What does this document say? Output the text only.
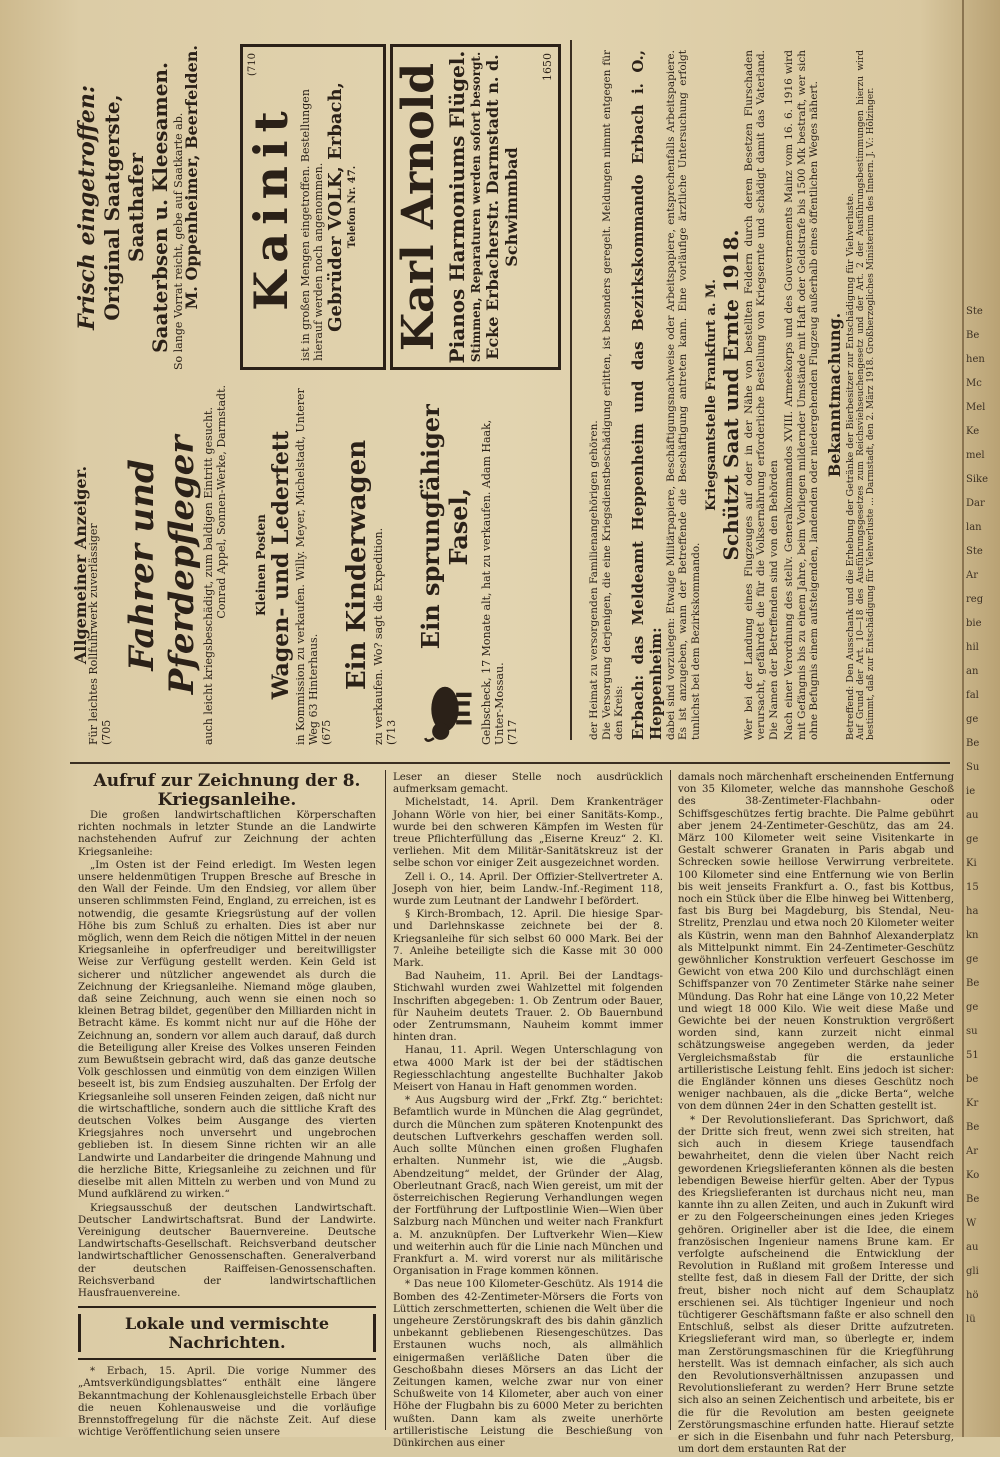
der Heimat zu versorgenden Familienangehörigen gehören. Die Versorgung derjenigen, die eine Kriegsdienstbeschädigung erlitten, ist besonders geregelt. Meldungen nimmt entgegen für den Kreis: Erbach: das Meldeamt Heppenheim und das Bezirkskommando Erbach i. O., Heppenheim: dabei sind vorzulegen: Etwaige Militärpapiere, Beschäftigungsnachweise oder Arbeitspapiere, entsprechenfalls Arbeitspapiere. Es ist anzugeben, wann der Betreffende die Beschäftigung antreten kann. Eine vorläufige ärztliche Untersuchung erfolgt tunlichst bei dem Bezirkskommando.
Kriegsamtstelle Frankfurt a. M. Schützt Saat und Ernte 1918. Wer bei der Landung eines Flugzeuges auf oder in der Nähe von bestellten Feldern durch deren Besetzen Flurschaden verursacht, gefährdet die für die Volksernährung erforderliche Bestellung von Kriegsernte und schädigt damit das Vaterland. Die Namen der Betreffenden sind von den Behörden Nach einer Verordnung des stellv. Generalkommandos XVIII. Armeekorps und des Gouvernements Mainz vom 16. 6. 1916 wird mit Gefängnis bis zu einem Jahre, beim Vorliegen mildernder Umstände mit Haft oder Geldstrafe bis 1500 Mk bestraft, wer sich ohne Befugnis einem aufsteigenden, landenden oder niedergehenden Flugzeug außerhalb eines öffentlichen Weges nähert. Bekanntmachung. Betreffend: Den Ausschank und die Erhebung der Getränke der Bierbesitzer zur Entschädigung für Viehverluste. Auf Grund der Art. 10—18 des Ausführungsgesetzes zum Reichsviehseuchengesetz und der Art. 2 der Ausführungsbestimmungen hierzu wird bestimmt, daß zur Entschädigung für Viehverluste ... Darmstadt, den 2. März 1918. Großherzogliches Ministerium des Innern. J. V.: Hölzinger.
Allgemeiner Anzeiger.
Für leichtes Rollfuhrwerk zuverlässiger (705
Fahrer und Pferdepfleger auch leicht kriegsbeschädigt, zum baldigen Eintritt gesucht. Conrad Appel, Sonnen-Werke, Darmstadt. Kleinen Posten Wagen- und Lederfett in Kommission zu verkaufen. Willy. Meyer, Michelstadt, Unterer Weg 63 Hinterhaus. (675
Ein Kinderwagen zu verkaufen. Wo? sagt die Expedition. (713
Ein sprungfähiger Fasel, Gelbscheck, 17 Monate alt, hat zu verkaufen. Adam Haak, Unter-Mossau. (717
Frisch eingetroffen: Original Saatgerste, Saathafer Saaterbsen u. Kleesamen. So lange Vorrat reicht, gebe auf Saatkarte ab.
M. Oppenheimer, Beerfelden. Kainit ist in großen Mengen eingetroffen. Bestellungen hierauf werden noch angenommen. Gebrüder VOLK, Erbach, Telefon Nr. 47.
(710	Karl Arnold Pianos
Harmoniums
Flügel. Stimmen, Reparaturen werden sofort besorgt. Ecke Erbacherstr. Darmstadt n. d. Schwimmbad
1650
Aufruf zur Zeichnung der 8. Kriegsanleihe.

Die großen landwirtschaftlichen Körperschaften richten nochmals in letzter Stunde an die Landwirte nachstehenden Aufruf zur Zeichnung der achten Kriegsanleihe:

„Im Osten ist der Feind erledigt. Im Westen legen unsere heldenmütigen Truppen Bresche auf Bresche in den Wall der Feinde. Um den Endsieg, vor allem über unseren schlimmsten Feind, England, zu erreichen, ist es notwendig, die gesamte Kriegsrüstung auf der vollen Höhe bis zum Schluß zu erhalten. Dies ist aber nur möglich, wenn dem Reich die nötigen Mittel in der neuen Kriegsanleihe in opferfreudiger und bereitwilligster Weise zur Verfügung gestellt werden. Kein Geld ist sicherer und nützlicher angewendet als durch die Zeichnung der Kriegsanleihe. Niemand möge glauben, daß seine Zeichnung, auch wenn sie einen noch so kleinen Betrag bildet, gegenüber den Milliarden nicht in Betracht käme. Es kommt nicht nur auf die Höhe der Zeichnung an, sondern vor allem auch darauf, daß durch die Beteiligung aller Kreise des Volkes unseren Feinden zum Bewußtsein gebracht wird, daß das ganze deutsche Volk geschlossen und einmütig von dem einzigen Willen beseelt ist, bis zum Endsieg auszuhalten. Der Erfolg der Kriegsanleihe soll unseren Feinden zeigen, daß nicht nur die wirtschaftliche, sondern auch die sittliche Kraft des deutschen Volkes beim Ausgange des vierten Kriegsjahres noch unversehrt und ungebrochen geblieben ist. In diesem Sinne richten wir an alle Landwirte und Landarbeiter die dringende Mahnung und die herzliche Bitte, Kriegsanleihe zu zeichnen und für dieselbe mit allen Mitteln zu werben und von Mund zu Mund aufklärend zu wirken.“

Kriegsausschuß der deutschen Landwirtschaft. Deutscher Landwirtschaftsrat. Bund der Landwirte. Vereinigung deutscher Bauernvereine. Deutsche Landwirtschafts-Gesellschaft. Reichsverband deutscher landwirtschaftlicher Genossenschaften. Generalverband der deutschen Raiffeisen-Genossenschaften. Reichsverband der landwirtschaftlichen Hausfrauenvereine.

Lokale und vermischte Nachrichten.

* Erbach, 15. April. Die vorige Nummer des „Amtsverkündigungsblattes“ enthält eine längere Bekanntmachung der Kohlenausgleichstelle Erbach über die neuen Kohlenausweise und die vorläufige Brennstoffregelung für die nächste Zeit. Auf diese wichtige Veröffentlichung seien unsere

Leser an dieser Stelle noch ausdrücklich aufmerksam gemacht.

Michelstadt, 14. April. Dem Krankenträger Johann Wörle von hier, bei einer Sanitäts-Komp., wurde bei den schweren Kämpfen im Westen für treue Pflichterfüllung das „Eiserne Kreuz“ 2. Kl. verliehen. Mit dem Militär-Sanitätskreuz ist der selbe schon vor einiger Zeit ausgezeichnet worden.

Zell i. O., 14. April. Der Offizier-Stellvertreter A. Joseph von hier, beim Landw.-Inf.-Regiment 118, wurde zum Leutnant der Landwehr I befördert.

§ Kirch-Brombach, 12. April. Die hiesige Spar- und Darlehnskasse zeichnete bei der 8. Kriegsanleihe für sich selbst 60 000 Mark. Bei der 7. Anleihe beteiligte sich die Kasse mit 30 000 Mark.

Bad Nauheim, 11. April. Bei der Landtags-Stichwahl wurden zwei Wahlzettel mit folgenden Inschriften abgegeben: 1. Ob Zentrum oder Bauer, für Nauheim deutets Trauer. 2. Ob Bauernbund oder Zentrumsmann, Nauheim kommt immer hinten dran.

Hanau, 11. April. Wegen Unterschlagung von etwa 4000 Mark ist der bei der städtischen Regiesschlachtung angestellte Buchhalter Jakob Meisert von Hanau in Haft genommen worden.

* Aus Augsburg wird der „Frkf. Ztg.“ berichtet: Befamtlich wurde in München die Alag gegründet, durch die München zum späteren Knotenpunkt des deutschen Luftverkehrs geschaffen werden soll. Auch sollte München einen großen Flughafen erhalten. Nunmehr ist, wie die „Augsb. Abendzeitung“ meldet, der Gründer der Alag, Oberleutnant Gracß, nach Wien gereist, um mit der österreichischen Regierung Verhandlungen wegen der Fortführung der Luftpostlinie Wien—Wien über Salzburg nach München und weiter nach Frankfurt a. M. anzuknüpfen. Der Luftverkehr Wien—Kiew und weiterhin auch für die Linie nach München und Frankfurt a. M. wird vorerst nur als militärische Organisation in Frage kommen können.

* Das neue 100 Kilometer-Geschütz. Als 1914 die Bomben des 42-Zentimeter-Mörsers die Forts von Lüttich zerschmetterten, schienen die Welt über die ungeheure Zerstörungskraft des bis dahin gänzlich unbekannt gebliebenen Riesengeschützes. Das Erstaunen wuchs noch, als allmählich einigermaßen verläßliche Daten über die Geschoßbahn dieses Mörsers an das Licht der Zeitungen kamen, welche zwar nur von einer Schußweite von 14 Kilometer, aber auch von einer Höhe der Flugbahn bis zu 6000 Meter zu berichten wußten. Dann kam als zweite unerhörte artilleristische Leistung die Beschießung von Dünkirchen aus einer

damals noch märchenhaft erscheinenden Entfernung von 35 Kilometer, welche das mannshohe Geschoß des 38-Zentimeter-Flachbahn- oder Schiffsgeschützes fertig brachte. Die Palme gebührt aber jenem 24-Zentimeter-Geschütz, das am 24. März 100 Kilometer weit seine Visitenkarte in Gestalt schwerer Granaten in Paris abgab und Schrecken sowie heillose Verwirrung verbreitete. 100 Kilometer sind eine Entfernung wie von Berlin bis weit jenseits Frankfurt a. O., fast bis Kottbus, noch ein Stück über die Elbe hinweg bei Wittenberg, fast bis Burg bei Magdeburg, bis Stendal, Neu-Strelitz, Prenzlau und etwa noch 20 Kilometer weiter als Küstrin, wenn man den Bahnhof Alexanderplatz als Mittelpunkt nimmt. Ein 24-Zentimeter-Geschütz gewöhnlicher Konstruktion verfeuert Geschosse im Gewicht von etwa 200 Kilo und durchschlägt einen Schiffspanzer von 70 Zentimeter Stärke nahe seiner Mündung. Das Rohr hat eine Länge von 10,22 Meter und wiegt 18 000 Kilo. Wie weit diese Maße und Gewichte bei der neuen Konstruktion vergrößert worden sind, kann zurzeit nicht einmal schätzungsweise angegeben werden, da jeder Vergleichsmaßstab für die erstaunliche artilleristische Leistung fehlt. Eins jedoch ist sicher: die Engländer können uns dieses Geschütz noch weniger nachbauen, als die „dicke Berta“, welche von dem dünnen 24er in den Schatten gestellt ist.

* Der Revolutionslieferant. Das Sprichwort, daß der Dritte sich freut, wenn zwei sich streiten, hat sich auch in diesem Kriege tausendfach bewahrheitet, denn die vielen über Nacht reich gewordenen Kriegslieferanten können als die besten lebendigen Beweise hierfür gelten. Aber der Typus des Kriegslieferanten ist durchaus nicht neu, man kannte ihn zu allen Zeiten, und auch in Zukunft wird er zu den Folgeerscheinungen eines jeden Krieges gehören. Origineller aber ist die Idee, die einem französischen Ingenieur namens Brune kam. Er verfolgte aufscheinend die Entwicklung der Revolution in Rußland mit großem Interesse und stellte fest, daß in diesem Fall der Dritte, der sich freut, bisher noch nicht auf dem Schauplatz erschienen sei. Als tüchtiger Ingenieur und noch tüchtigerer Geschäftsmann faßte er also schnell den Entschluß, selbst als dieser Dritte aufzutreten. Kriegslieferant wird man, so überlegte er, indem man Zerstörungsmaschinen für die Kriegführung herstellt. Was ist demnach einfacher, als sich auch den Revolutionsverhältnissen anzupassen und Revolutionslieferant zu werden? Herr Brune setzte sich also an seinen Zeichentisch und arbeitete, bis er die für die Revolution am besten geeignete Zerstörungsmaschine erfunden hatte. Hierauf setzte er sich in die Eisenbahn und fuhr nach Petersburg, um dort dem erstaunten Rat der

Ste
Be
hen
Mc
Mel
Ke
mel
Sike
Dar
lan
Ste
Ar
reg
bie
hil
an
fal
ge
Be
Su
ie
au
ge
Ki
15
ha
kn
ge
Be
ge
su
51
be
Kr
Be
Ar
Ko
Be
W
au
gli
hö
lü
